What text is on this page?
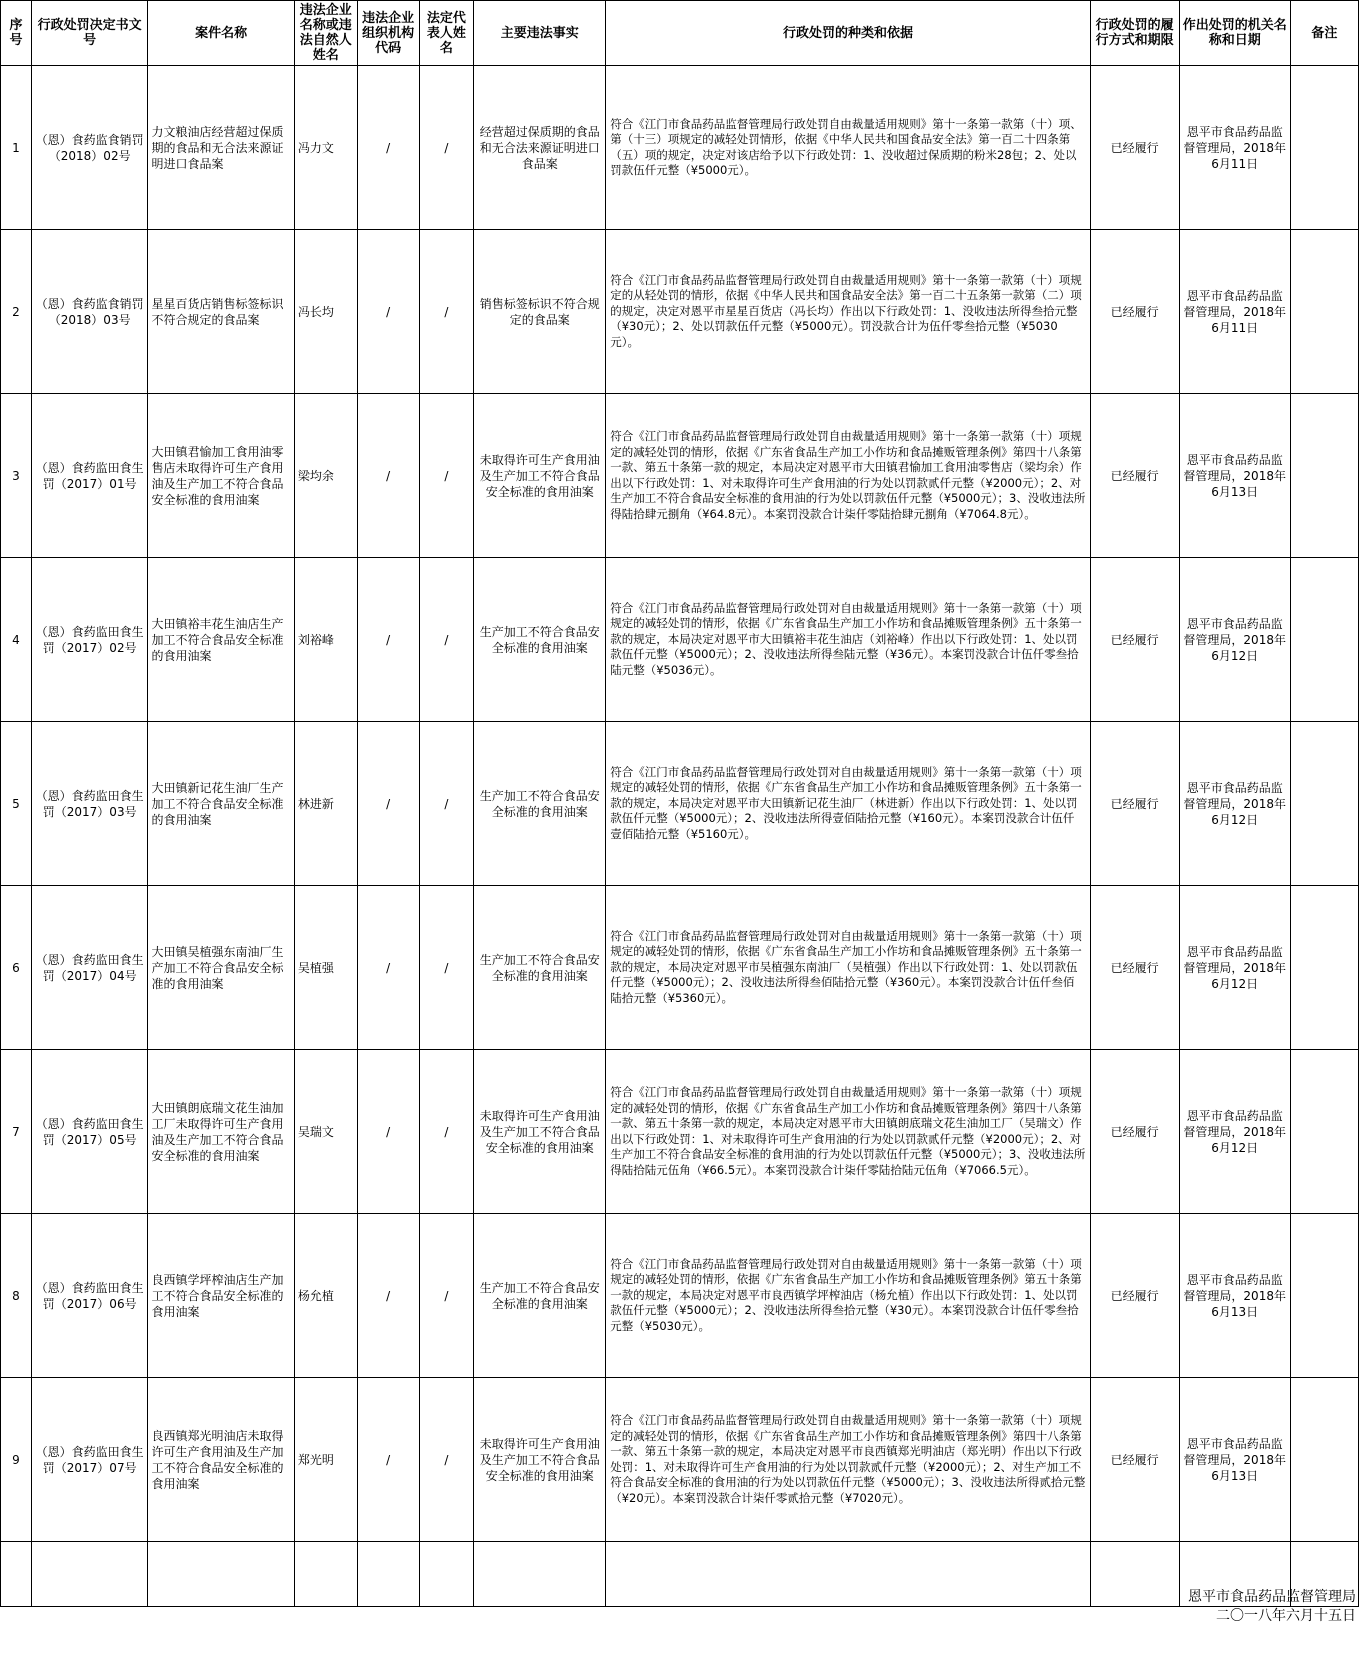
序号	行政处罚决定书文号	案件名称	违法企业名称或违法自然人姓名	违法企业组织机构代码	法定代表人姓名	主要违法事实	行政处罚的种类和依据	行政处罚的履行方式和期限	作出处罚的机关名称和日期	备注
1	（恩）食药监食销罚（2018）02号	力文粮油店经营超过保质期的食品和无合法来源证明进口食品案	冯力文	/	/	经营超过保质期的食品和无合法来源证明进口食品案	符合《江门市食品药品监督管理局行政处罚自由裁量适用规则》第十一条第一款第（十）项、第（十三）项规定的减轻处罚情形，依据《中华人民共和国食品安全法》第一百二十四条第（五）项的规定，决定对该店给予以下行政处罚：1、没收超过保质期的粉米28包；2、处以罚款伍仟元整（¥5000元）。	已经履行	恩平市食品药品监督管理局，2018年6月11日	
2	（恩）食药监食销罚（2018）03号	星星百货店销售标签标识不符合规定的食品案	冯长均	/	/	销售标签标识不符合规定的食品案	符合《江门市食品药品监督管理局行政处罚自由裁量适用规则》第十一条第一款第（十）项规定的从轻处罚的情形，依据《中华人民共和国食品安全法》第一百二十五条第一款第（二）项的规定，决定对恩平市星星百货店（冯长均）作出以下行政处罚：1、没收违法所得叁拾元整（¥30元）；2、处以罚款伍仟元整（¥5000元）。罚没款合计为伍仟零叁拾元整（¥5030元）。	已经履行	恩平市食品药品监督管理局，2018年6月11日	
3	（恩）食药监田食生罚（2017）01号	大田镇君愉加工食用油零售店未取得许可生产食用油及生产加工不符合食品安全标准的食用油案	梁均余	/	/	未取得许可生产食用油及生产加工不符合食品安全标准的食用油案	符合《江门市食品药品监督管理局行政处罚自由裁量适用规则》第十一条第一款第（十）项规定的减轻处罚的情形，依据《广东省食品生产加工小作坊和食品摊贩管理条例》第四十八条第一款、第五十条第一款的规定，本局决定对恩平市大田镇君愉加工食用油零售店（梁均余）作出以下行政处罚：1、对未取得许可生产食用油的行为处以罚款贰仟元整（¥2000元）；2、对生产加工不符合食品安全标准的食用油的行为处以罚款伍仟元整（¥5000元）；3、没收违法所得陆拾肆元捌角（¥64.8元）。本案罚没款合计柒仟零陆拾肆元捌角（¥7064.8元）。	已经履行	恩平市食品药品监督管理局，2018年6月13日	
4	（恩）食药监田食生罚（2017）02号	大田镇裕丰花生油店生产加工不符合食品安全标准的食用油案	刘裕峰	/	/	生产加工不符合食品安全标准的食用油案	符合《江门市食品药品监督管理局行政处罚对自由裁量适用规则》第十一条第一款第（十）项规定的减轻处罚的情形，依据《广东省食品生产加工小作坊和食品摊贩管理条例》五十条第一款的规定，本局决定对恩平市大田镇裕丰花生油店（刘裕峰）作出以下行政处罚：1、处以罚款伍仟元整（¥5000元）；2、没收违法所得叁陆元整（¥36元）。本案罚没款合计伍仟零叁拾陆元整（¥5036元）。	已经履行	恩平市食品药品监督管理局，2018年6月12日	
5	（恩）食药监田食生罚（2017）03号	大田镇新记花生油厂生产加工不符合食品安全标准的食用油案	林进新	/	/	生产加工不符合食品安全标准的食用油案	符合《江门市食品药品监督管理局行政处罚对自由裁量适用规则》第十一条第一款第（十）项规定的减轻处罚的情形，依据《广东省食品生产加工小作坊和食品摊贩管理条例》五十条第一款的规定，本局决定对恩平市大田镇新记花生油厂（林进新）作出以下行政处罚：1、处以罚款伍仟元整（¥5000元）；2、没收违法所得壹佰陆拾元整（¥160元）。本案罚没款合计伍仟壹佰陆拾元整（¥5160元）。	已经履行	恩平市食品药品监督管理局，2018年6月12日	
6	（恩）食药监田食生罚（2017）04号	大田镇吴植强东南油厂生产加工不符合食品安全标准的食用油案	吴植强	/	/	生产加工不符合食品安全标准的食用油案	符合《江门市食品药品监督管理局行政处罚对自由裁量适用规则》第十一条第一款第（十）项规定的减轻处罚的情形，依据《广东省食品生产加工小作坊和食品摊贩管理条例》五十条第一款的规定，本局决定对恩平市吴植强东南油厂（吴植强）作出以下行政处罚：1、处以罚款伍仟元整（¥5000元）；2、没收违法所得叁佰陆拾元整（¥360元）。本案罚没款合计伍仟叁佰陆拾元整（¥5360元）。	已经履行	恩平市食品药品监督管理局，2018年6月12日	
7	（恩）食药监田食生罚（2017）05号	大田镇朗底瑞文花生油加工厂未取得许可生产食用油及生产加工不符合食品安全标准的食用油案	吴瑞文	/	/	未取得许可生产食用油及生产加工不符合食品安全标准的食用油案	符合《江门市食品药品监督管理局行政处罚自由裁量适用规则》第十一条第一款第（十）项规定的减轻处罚的情形，依据《广东省食品生产加工小作坊和食品摊贩管理条例》第四十八条第一款、第五十条第一款的规定，本局决定对恩平市大田镇朗底瑞文花生油加工厂（吴瑞文）作出以下行政处罚：1、对未取得许可生产食用油的行为处以罚款贰仟元整（¥2000元）；2、对生产加工不符合食品安全标准的食用油的行为处以罚款伍仟元整（¥5000元）；3、没收违法所得陆拾陆元伍角（¥66.5元）。本案罚没款合计柒仟零陆拾陆元伍角（¥7066.5元）。	已经履行	恩平市食品药品监督管理局，2018年6月12日	
8	（恩）食药监田食生罚（2017）06号	良西镇学坪榨油店生产加工不符合食品安全标准的食用油案	杨允植	/	/	生产加工不符合食品安全标准的食用油案	符合《江门市食品药品监督管理局行政处罚对自由裁量适用规则》第十一条第一款第（十）项规定的减轻处罚的情形，依据《广东省食品生产加工小作坊和食品摊贩管理条例》第五十条第一款的规定，本局决定对恩平市良西镇学坪榨油店（杨允植）作出以下行政处罚：1、处以罚款伍仟元整（¥5000元）；2、没收违法所得叁拾元整（¥30元）。本案罚没款合计伍仟零叁拾元整（¥5030元）。	已经履行	恩平市食品药品监督管理局，2018年6月13日	
9	（恩）食药监田食生罚（2017）07号	良西镇郑光明油店未取得许可生产食用油及生产加工不符合食品安全标准的食用油案	郑光明	/	/	未取得许可生产食用油及生产加工不符合食品安全标准的食用油案	符合《江门市食品药品监督管理局行政处罚自由裁量适用规则》第十一条第一款第（十）项规定的减轻处罚的情形，依据《广东省食品生产加工小作坊和食品摊贩管理条例》第四十八条第一款、第五十条第一款的规定，本局决定对恩平市良西镇郑光明油店（郑光明）作出以下行政处罚：1、对未取得许可生产食用油的行为处以罚款贰仟元整（¥2000元）；2、对生产加工不符合食品安全标准的食用油的行为处以罚款伍仟元整（¥5000元）；3、没收违法所得贰拾元整（¥20元）。本案罚没款合计柒仟零贰拾元整（¥7020元）。	已经履行	恩平市食品药品监督管理局，2018年6月13日	

恩平市食品药品监督管理局
二〇一八年六月十五日
